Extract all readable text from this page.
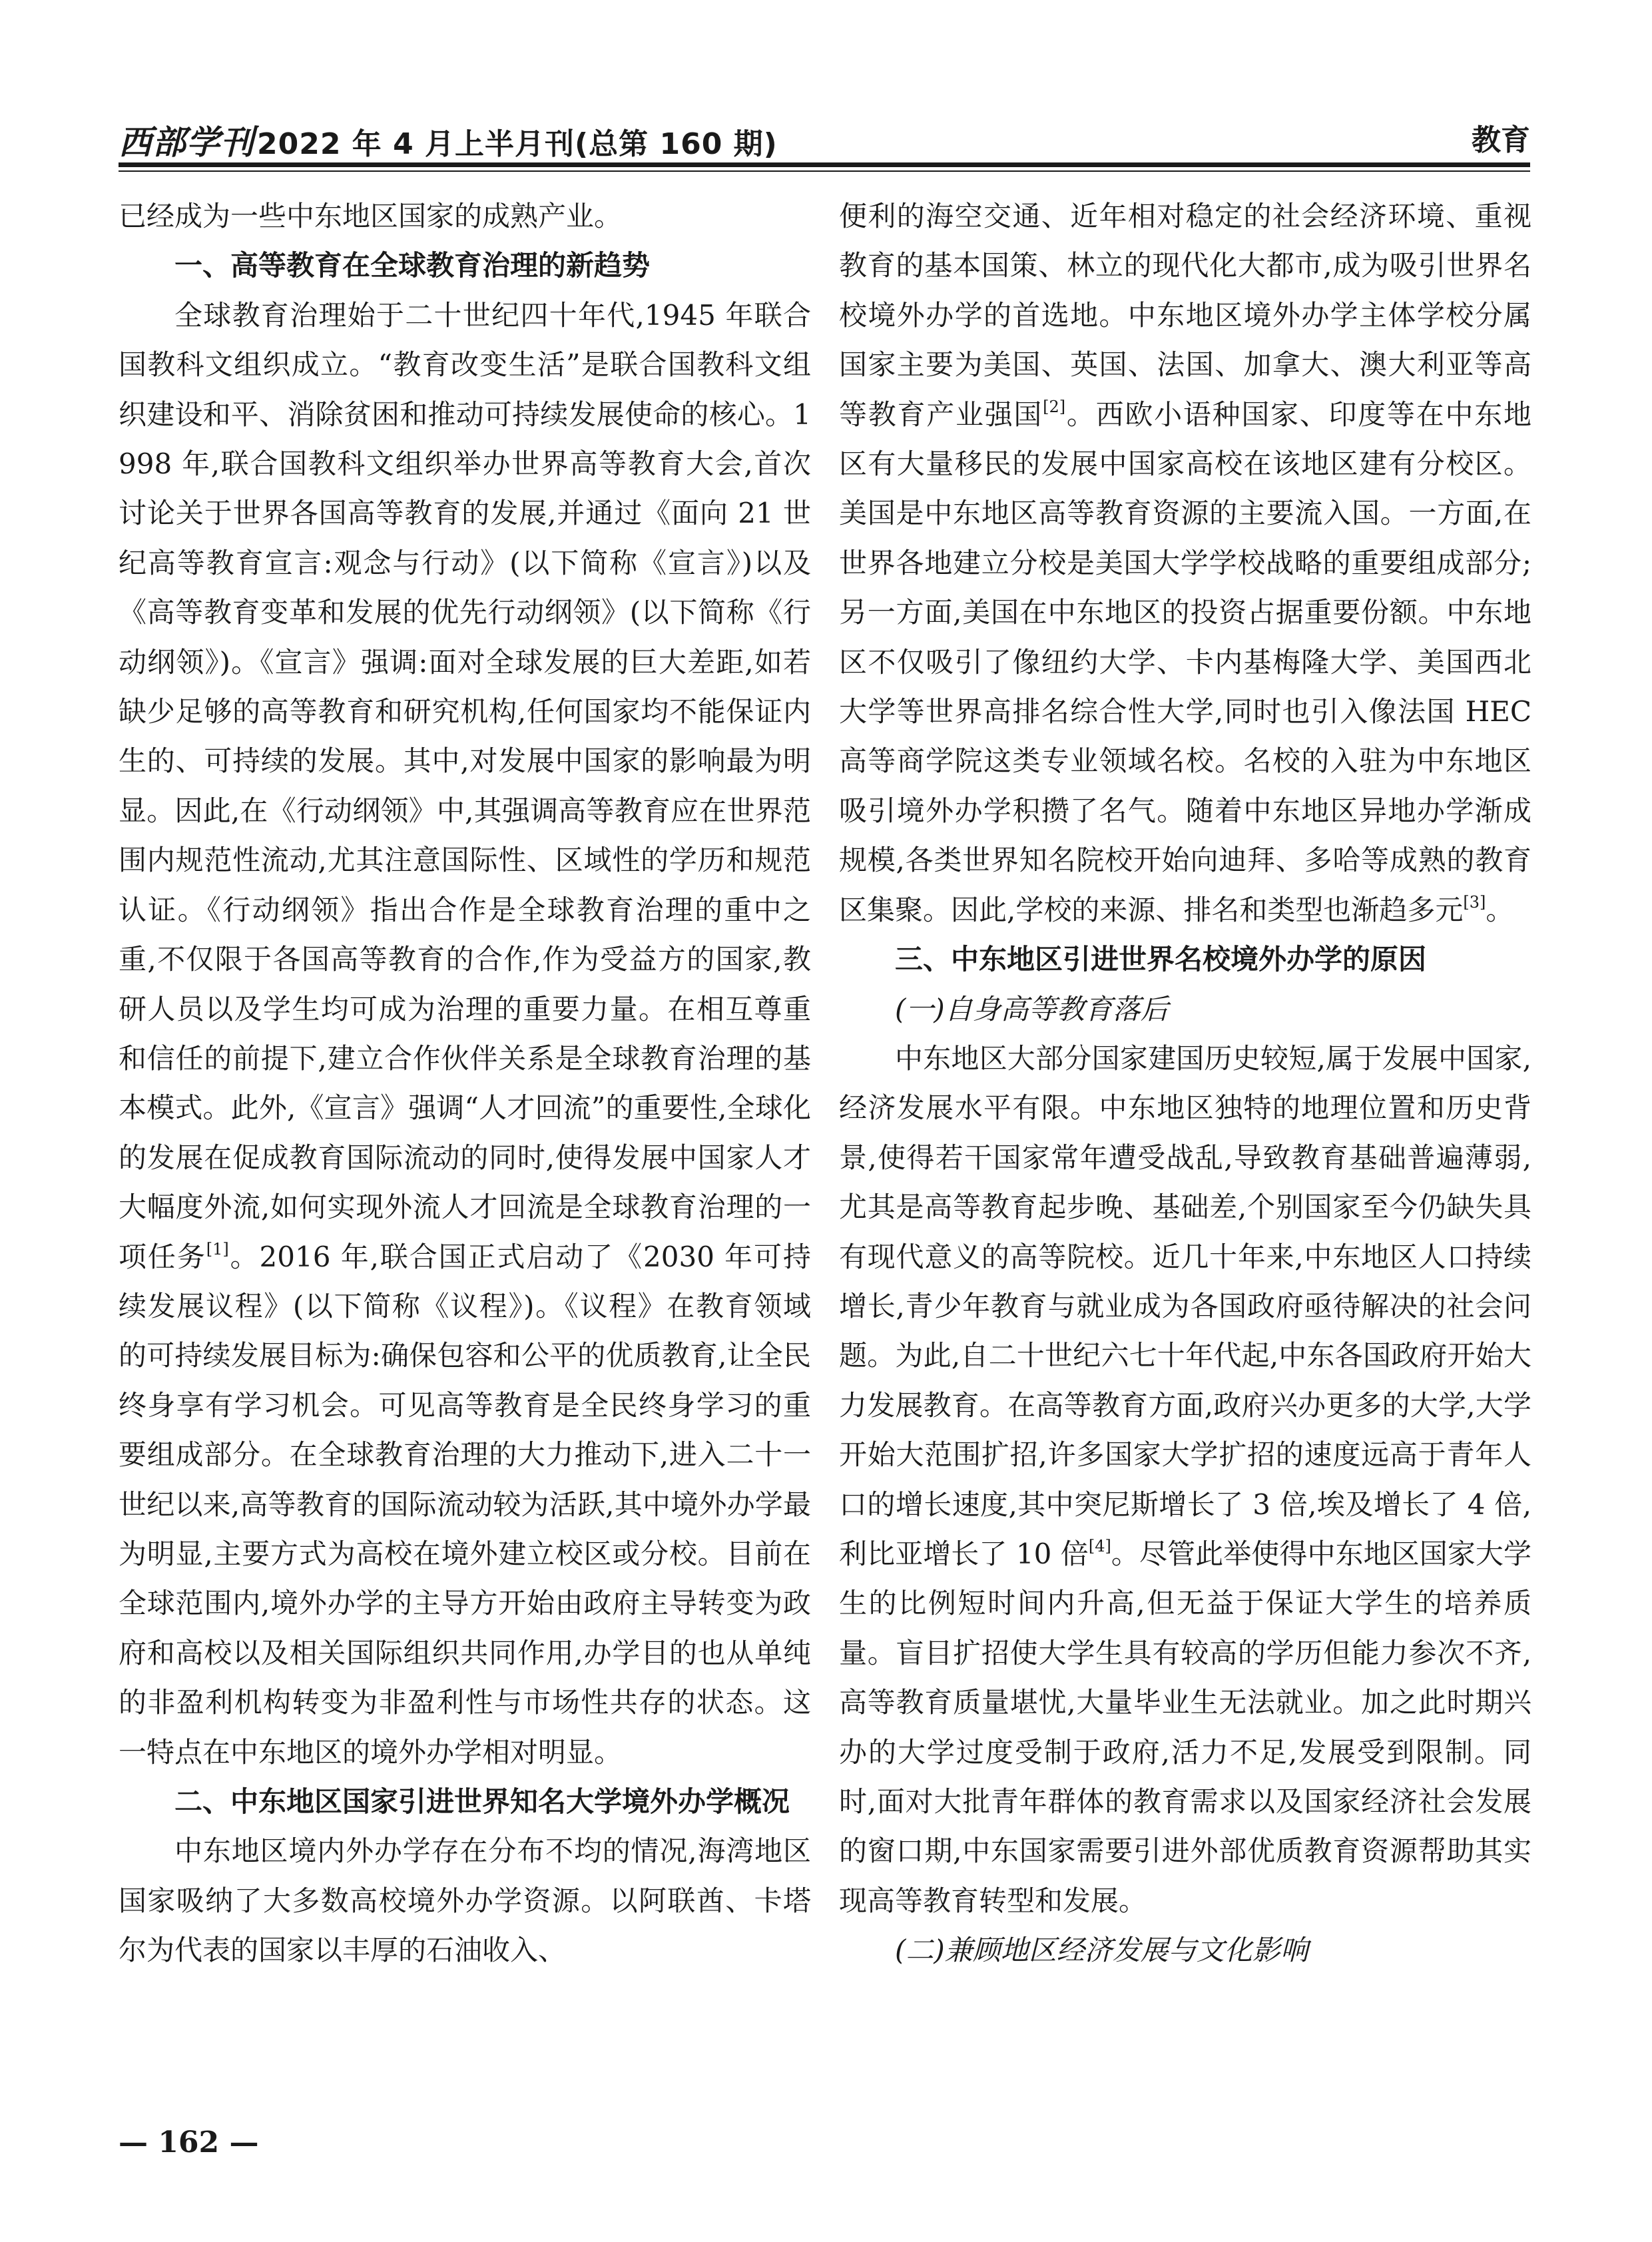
西部学刊2022 年 4 月上半月刊(总第 160 期)	教育

已经成为一些中东地区国家的成熟产业。

一、高等教育在全球教育治理的新趋势

全球教育治理始于二十世纪四十年代,1945 年联合国教科文组织成立。“教育改变生活”是联合国教科文组织建设和平、消除贫困和推动可持续发展使命的核心。1998 年,联合国教科文组织举办世界高等教育大会,首次讨论关于世界各国高等教育的发展,并通过《面向 21 世纪高等教育宣言:观念与行动》(以下简称《宣言》)以及《高等教育变革和发展的优先行动纲领》(以下简称《行动纲领》)。《宣言》强调:面对全球发展的巨大差距,如若缺少足够的高等教育和研究机构,任何国家均不能保证内生的、可持续的发展。其中,对发展中国家的影响最为明显。因此,在《行动纲领》中,其强调高等教育应在世界范围内规范性流动,尤其注意国际性、区域性的学历和规范认证。《行动纲领》指出合作是全球教育治理的重中之重,不仅限于各国高等教育的合作,作为受益方的国家,教研人员以及学生均可成为治理的重要力量。在相互尊重和信任的前提下,建立合作伙伴关系是全球教育治理的基本模式。此外,《宣言》强调“人才回流”的重要性,全球化的发展在促成教育国际流动的同时,使得发展中国家人才大幅度外流,如何实现外流人才回流是全球教育治理的一项任务[1]。2016 年,联合国正式启动了《2030 年可持续发展议程》(以下简称《议程》)。《议程》在教育领域的可持续发展目标为:确保包容和公平的优质教育,让全民终身享有学习机会。可见高等教育是全民终身学习的重要组成部分。在全球教育治理的大力推动下,进入二十一世纪以来,高等教育的国际流动较为活跃,其中境外办学最为明显,主要方式为高校在境外建立校区或分校。目前在全球范围内,境外办学的主导方开始由政府主导转变为政府和高校以及相关国际组织共同作用,办学目的也从单纯的非盈利机构转变为非盈利性与市场性共存的状态。这一特点在中东地区的境外办学相对明显。

二、中东地区国家引进世界知名大学境外办学概况

中东地区境内外办学存在分布不均的情况,海湾地区国家吸纳了大多数高校境外办学资源。以阿联酋、卡塔尔为代表的国家以丰厚的石油收入、

便利的海空交通、近年相对稳定的社会经济环境、重视教育的基本国策、林立的现代化大都市,成为吸引世界名校境外办学的首选地。中东地区境外办学主体学校分属国家主要为美国、英国、法国、加拿大、澳大利亚等高等教育产业强国[2]。西欧小语种国家、印度等在中东地区有大量移民的发展中国家高校在该地区建有分校区。美国是中东地区高等教育资源的主要流入国。一方面,在世界各地建立分校是美国大学学校战略的重要组成部分;另一方面,美国在中东地区的投资占据重要份额。中东地区不仅吸引了像纽约大学、卡内基梅隆大学、美国西北大学等世界高排名综合性大学,同时也引入像法国 HEC 高等商学院这类专业领域名校。名校的入驻为中东地区吸引境外办学积攒了名气。随着中东地区异地办学渐成规模,各类世界知名院校开始向迪拜、多哈等成熟的教育区集聚。因此,学校的来源、排名和类型也渐趋多元[3]。

三、中东地区引进世界名校境外办学的原因

(一)自身高等教育落后

中东地区大部分国家建国历史较短,属于发展中国家,经济发展水平有限。中东地区独特的地理位置和历史背景,使得若干国家常年遭受战乱,导致教育基础普遍薄弱,尤其是高等教育起步晚、基础差,个别国家至今仍缺失具有现代意义的高等院校。近几十年来,中东地区人口持续增长,青少年教育与就业成为各国政府亟待解决的社会问题。为此,自二十世纪六七十年代起,中东各国政府开始大力发展教育。在高等教育方面,政府兴办更多的大学,大学开始大范围扩招,许多国家大学扩招的速度远高于青年人口的增长速度,其中突尼斯增长了 3 倍,埃及增长了 4 倍,利比亚增长了 10 倍[4]。尽管此举使得中东地区国家大学生的比例短时间内升高,但无益于保证大学生的培养质量。盲目扩招使大学生具有较高的学历但能力参次不齐,高等教育质量堪忧,大量毕业生无法就业。加之此时期兴办的大学过度受制于政府,活力不足,发展受到限制。同时,面对大批青年群体的教育需求以及国家经济社会发展的窗口期,中东国家需要引进外部优质教育资源帮助其实现高等教育转型和发展。

(二)兼顾地区经济发展与文化影响

— 162 —
